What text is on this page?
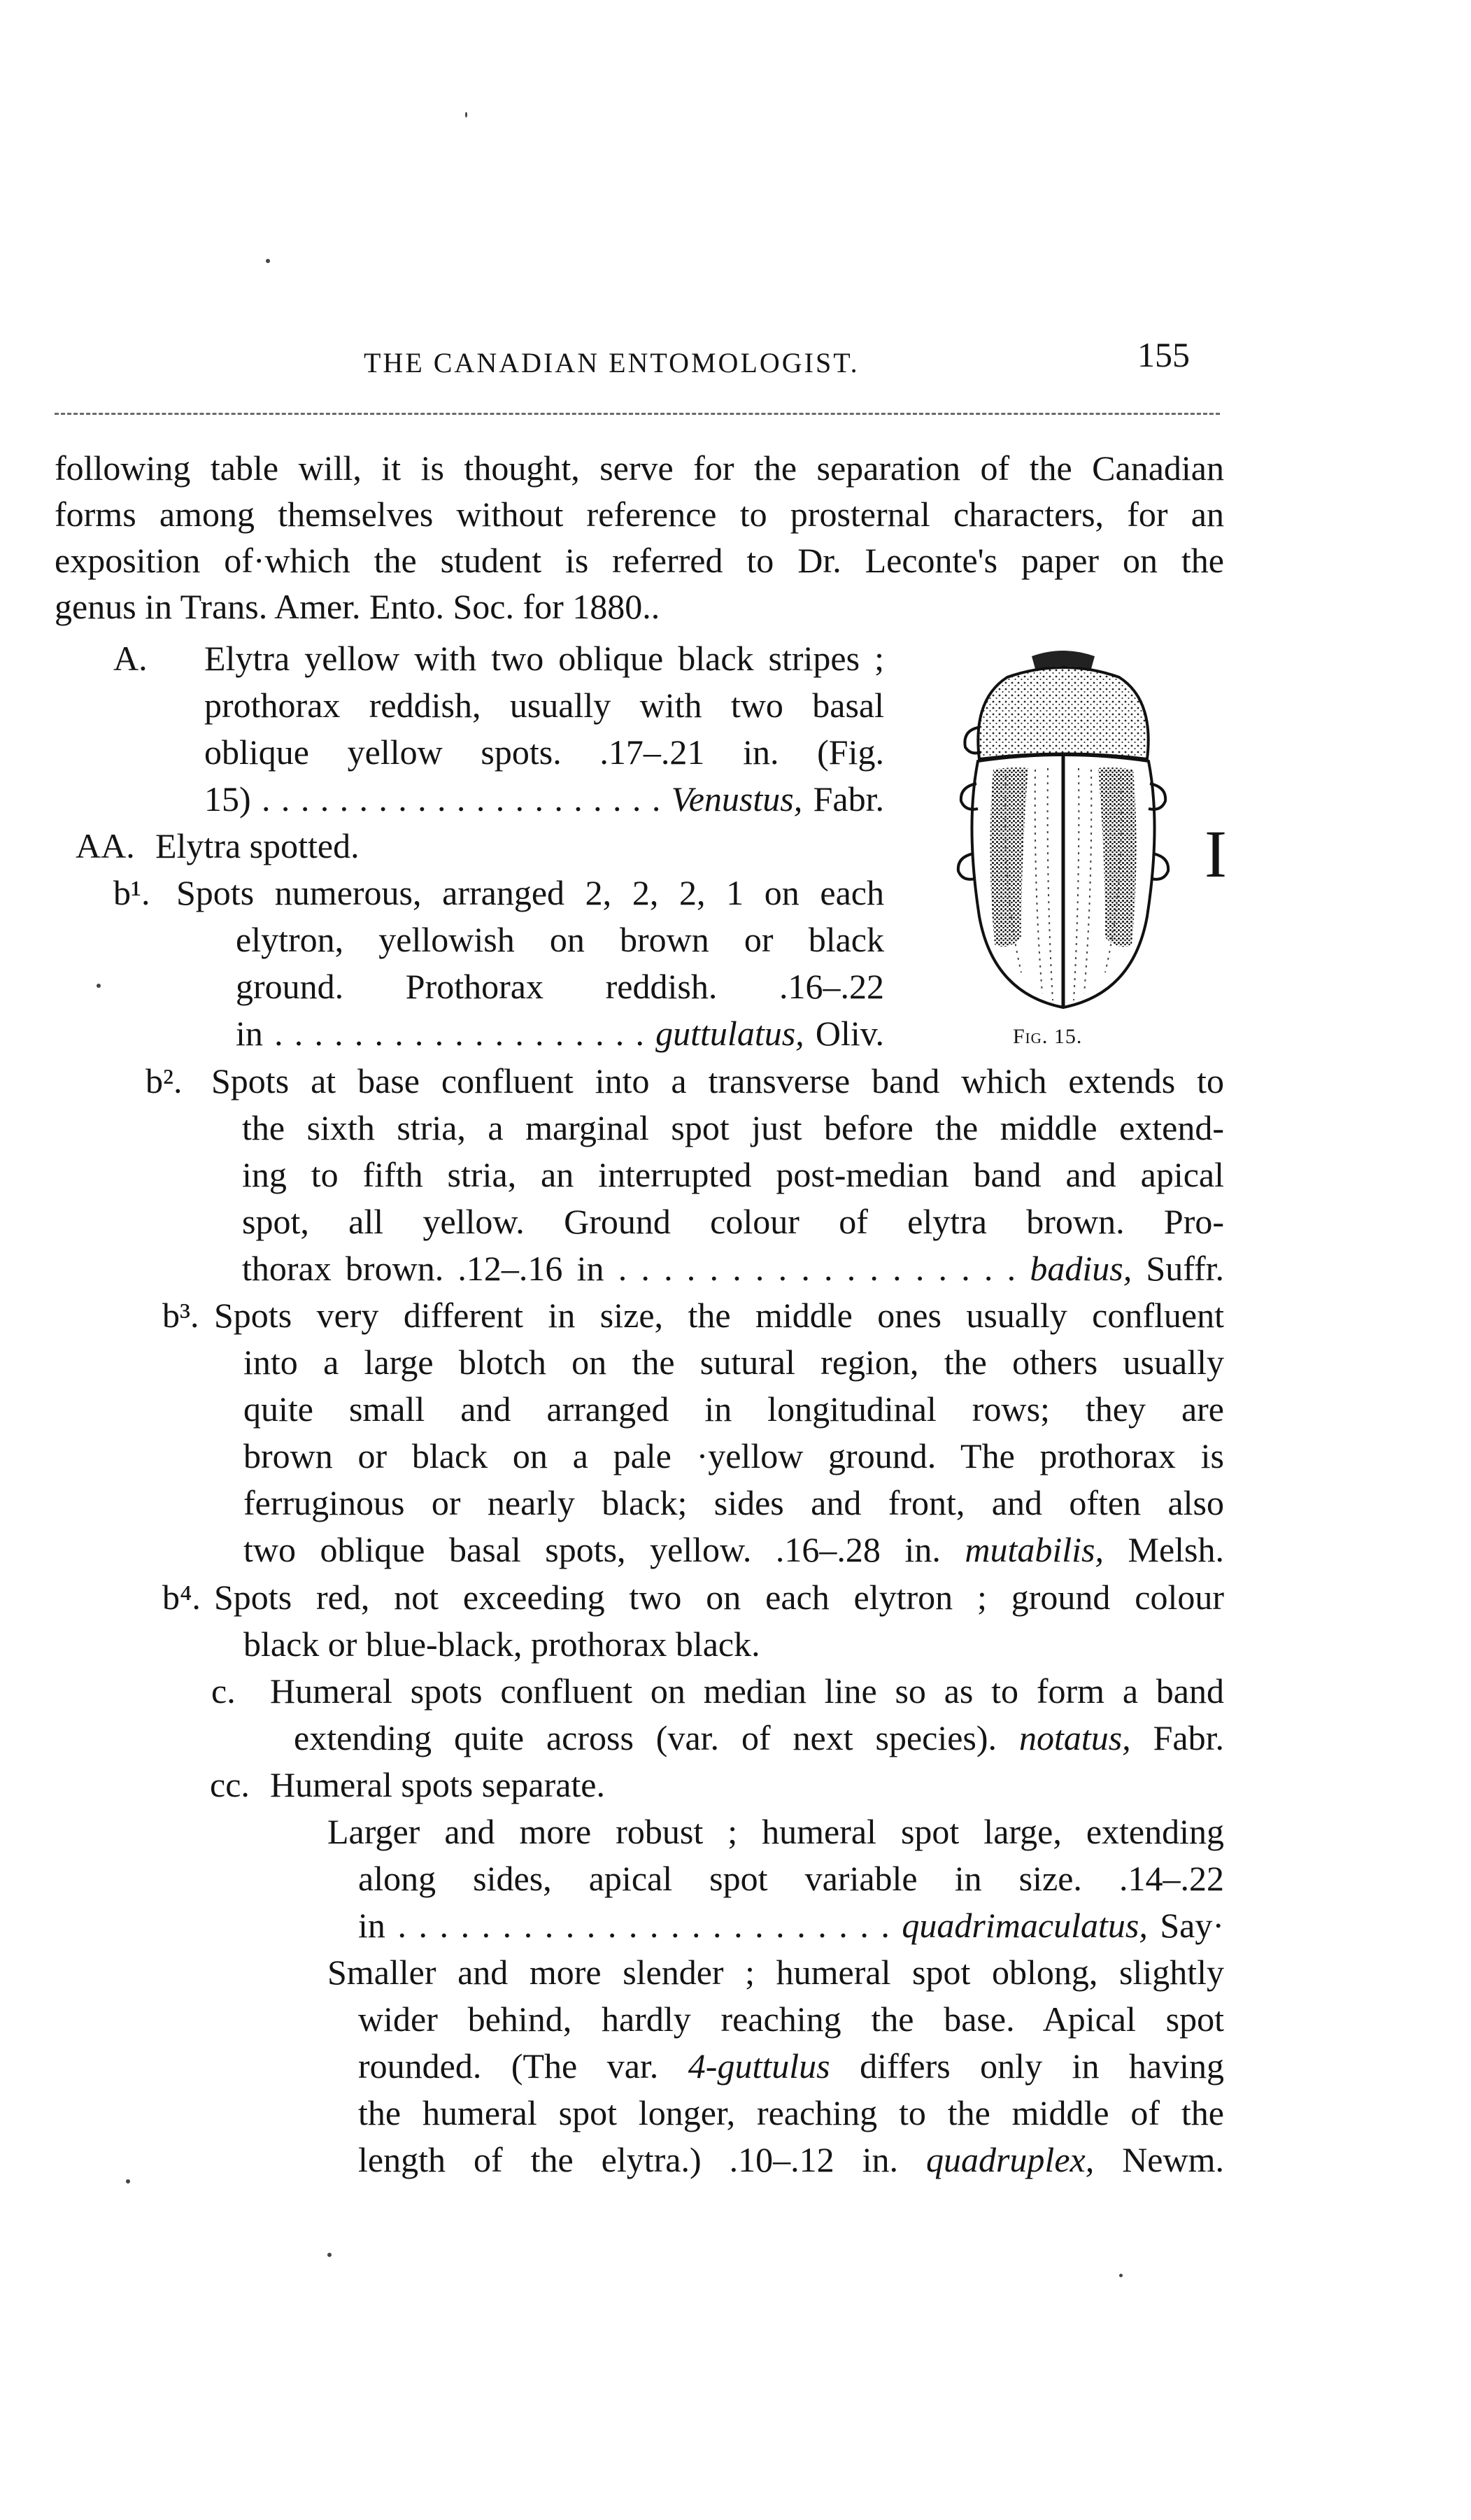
THE CANADIAN ENTOMOLOGIST.	155
following table will, it is thought, serve for the separation of the Canadian
forms among themselves without reference to prosternal characters, for an
exposition of·which the student is referred to Dr. Leconte's paper on the
genus in Trans. Amer. Ento. Soc. for 1880..
A. Elytra yellow with two oblique black stripes ;
prothorax reddish, usually with two basal
oblique yellow spots. .17–.21 in. (Fig.
15) . . . . . . . . . . . . . . . . . . . . . Venustus, Fabr.
AA. Elytra spotted.
b¹. Spots numerous, arranged 2, 2, 2, 1 on each
elytron, yellowish on brown or black
ground. Prothorax reddish. .16–.22
in . . . . . . . . . . . . . . . . . . . guttulatus, Oliv.
I
Fig. 15.
b². Spots at base confluent into a transverse band which extends to
the sixth stria, a marginal spot just before the middle extend-
ing to fifth stria, an interrupted post-median band and apical
spot, all yellow. Ground colour of elytra brown. Pro-
thorax brown. .12–.16 in . . . . . . . . . . . . . . . . . . badius, Suffr.
b³. Spots very different in size, the middle ones usually confluent
into a large blotch on the sutural region, the others usually
quite small and arranged in longitudinal rows; they are
brown or black on a pale ·yellow ground. The prothorax is
ferruginous or nearly black; sides and front, and often also
two oblique basal spots, yellow. .16–.28 in. mutabilis, Melsh.
b⁴. Spots red, not exceeding two on each elytron ; ground colour
black or blue-black, prothorax black.
c. Humeral spots confluent on median line so as to form a band
extending quite across (var. of next species). notatus, Fabr.
cc. Humeral spots separate.
Larger and more robust ; humeral spot large, extending
along sides, apical spot variable in size. .14–.22
in . . . . . . . . . . . . . . . . . . . . . . . . quadrimaculatus, Say·
Smaller and more slender ; humeral spot oblong, slightly
wider behind, hardly reaching the base. Apical spot
rounded. (The var. 4-guttulus differs only in having
the humeral spot longer, reaching to the middle of the
length of the elytra.) .10–.12 in. quadruplex, Newm.
